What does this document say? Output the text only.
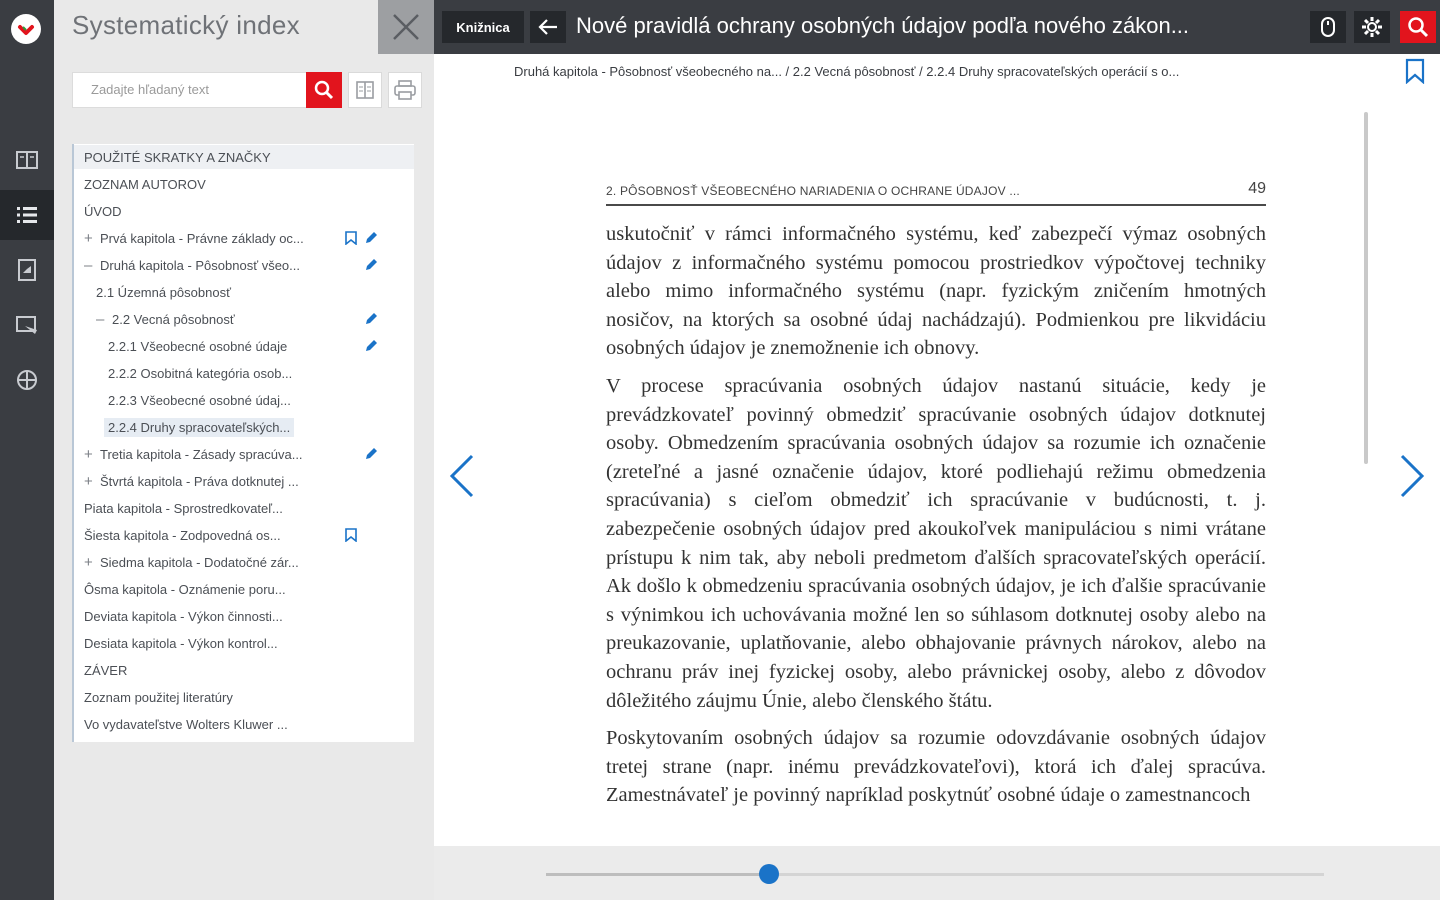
Systematický index
Zadajte hľadaný text
POUŽITÉ SKRATKY A ZNAČKY
ZOZNAM AUTOROV
ÚVOD
+ Prvá kapitola - Právne základy oc...
– Druhá kapitola - Pôsobnosť všeo...
2.1 Územná pôsobnosť
– 2.2 Vecná pôsobnosť
2.2.1 Všeobecné osobné údaje
2.2.2 Osobitná kategória osob...
2.2.3 Všeobecné osobné údaj...
2.2.4 Druhy spracovateľských...
+ Tretia kapitola - Zásady spracúva...
+ Štvrtá kapitola - Práva dotknutej ...
Piata kapitola - Sprostredkovateľ...
Šiesta kapitola - Zodpovedná os...
+ Siedma kapitola - Dodatočné zár...
Ôsma kapitola - Oznámenie poru...
Deviata kapitola - Výkon činnosti...
Desiata kapitola - Výkon kontrol...
ZÁVER
Zoznam použitej literatúry
Vo vydavateľstve Wolters Kluwer ...
Knižnica	Nové pravidlá ochrany osobných údajov podľa nového zákon...
Druhá kapitola - Pôsobnosť všeobecného na... / 2.2 Vecná pôsobnosť / 2.2.4 Druhy spracovateľských operácií s o...
2. PÔSOBNOSŤ VŠEOBECNÉHO NARIADENIA O OCHRANE ÚDAJOV ...	49

uskutočniť v rámci informačného systému, keď zabezpečí výmaz osobných údajov z informačného systému pomocou prostriedkov výpočtovej techniky alebo mimo informačného systému (napr. fyzickým zničením hmotných nosičov, na ktorých sa osobné údaj nachádzajú). Podmienkou pre likvidáciu osobných údajov je znemožnenie ich obnovy.

V procese spracúvania osobných údajov nastanú situácie, kedy je prevádzkovateľ povinný obmedziť spracúvanie osobných údajov dotknutej osoby. Obmedzením spracúvania osobných údajov sa rozumie ich označenie (zreteľné a jasné označenie údajov, ktoré podliehajú režimu obmedzenia spracúvania) s cieľom obmedziť ich spracúvanie v budúcnosti, t. j. zabezpečenie osobných údajov pred akoukoľvek manipuláciou s nimi vrátane prístupu k nim tak, aby neboli predmetom ďalších spracovateľských operácií. Ak došlo k obmedzeniu spracúvania osobných údajov, je ich ďalšie spracúvanie s výnimkou ich uchovávania možné len so súhlasom dotknutej osoby alebo na preukazovanie, uplatňovanie, alebo obhajovanie právnych nárokov, alebo na ochranu práv inej fyzickej osoby, alebo právnickej osoby, alebo z dôvodov dôležitého záujmu Únie, alebo členského štátu.

Poskytovaním osobných údajov sa rozumie odovzdávanie osobných údajov tretej strane (napr. inému prevádzkovateľovi), ktorá ich ďalej spracúva. Zamestnávateľ je povinný napríklad poskytnúť osobné údaje o zamestnancoch
